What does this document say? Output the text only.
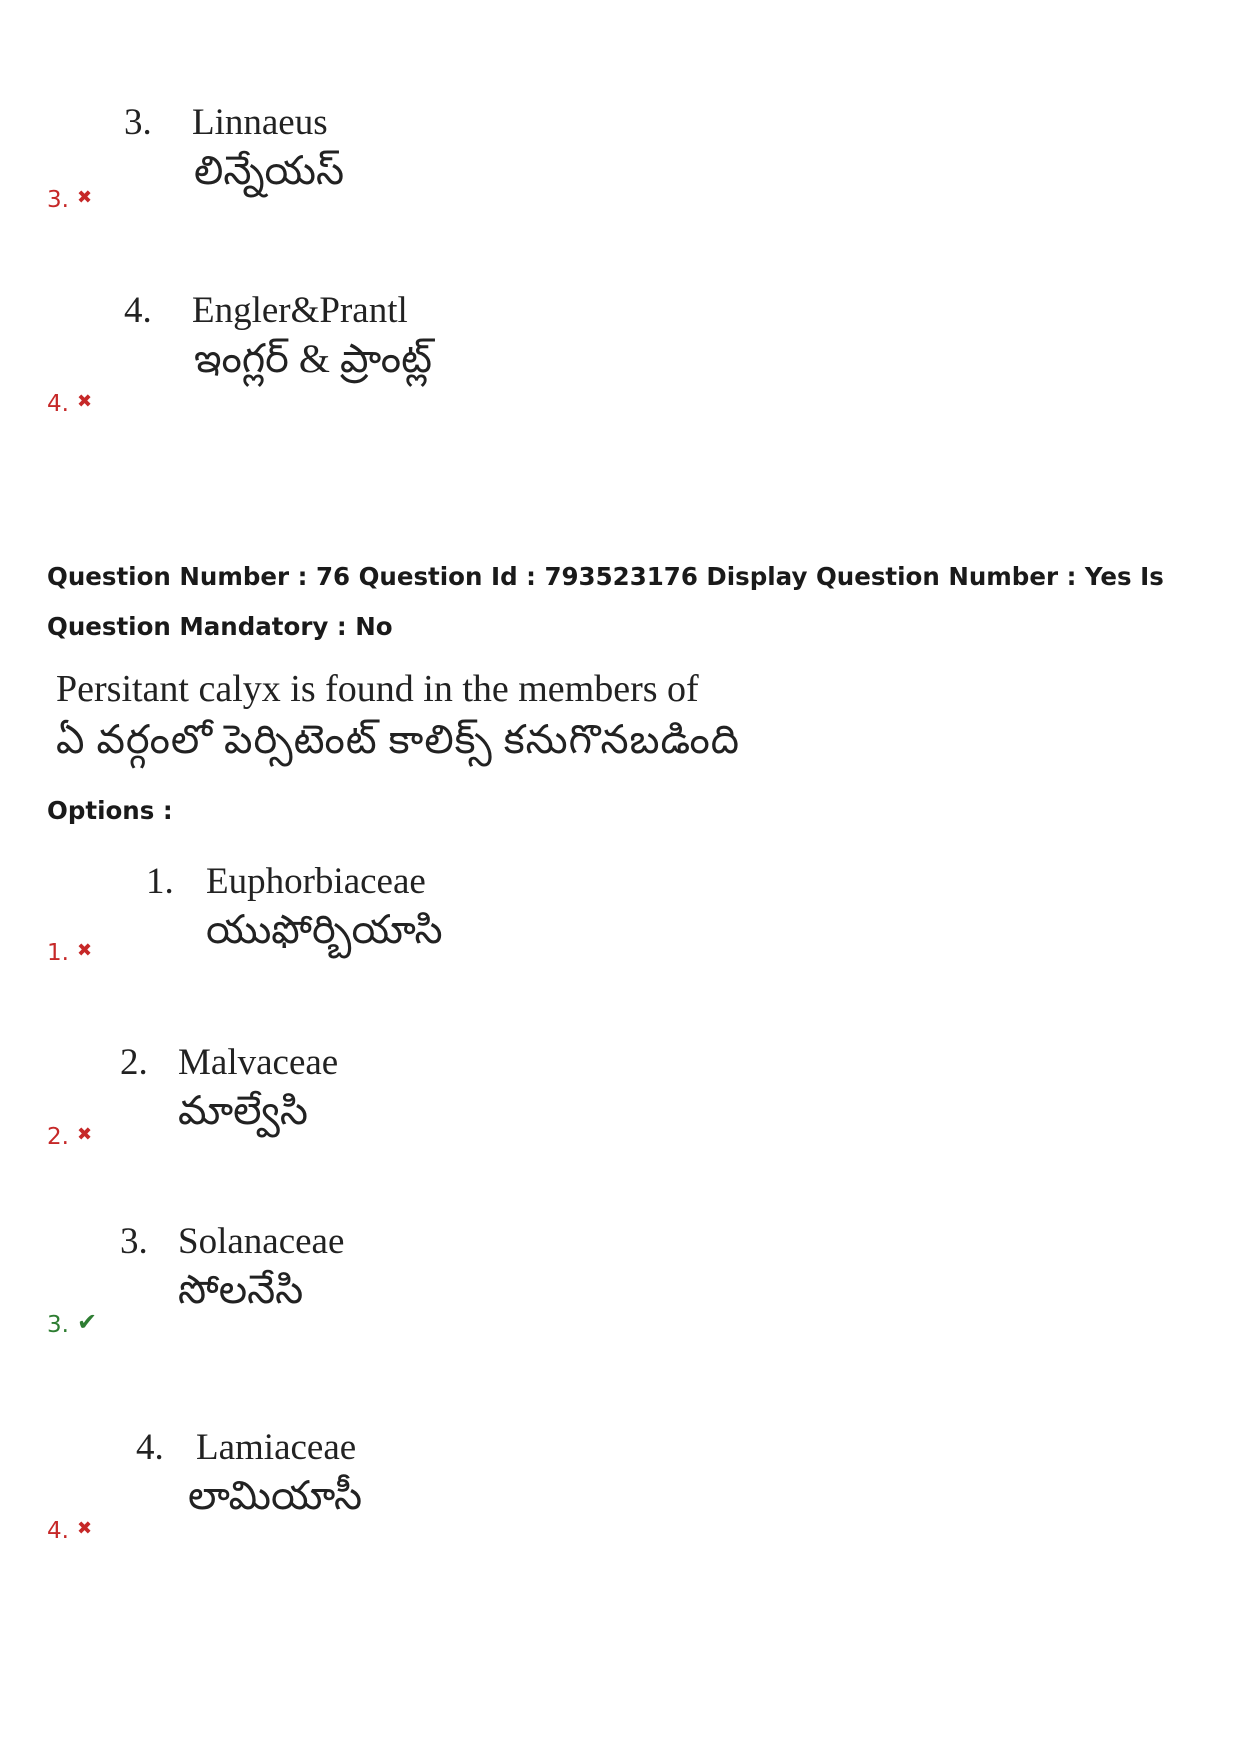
3. Linnaeus
లిన్నేయస్
3. ✖
4. Engler&Prantl
ఇంగ్లర్ & ప్రాంట్ల్
4. ✖
Question Number : 76 Question Id : 793523176 Display Question Number : Yes Is Question Mandatory : No
Persitant calyx is found in the members of
ఏ వర్గంలో పెర్సిటెంట్ కాలిక్స్ కనుగొనబడింది
Options :
1. Euphorbiaceae
యుఫోర్బియాసి
1. ✖
2. Malvaceae
మాల్వేసి
2. ✖
3. Solanaceae
సోలనేసి
3. ✔
4. Lamiaceae
లామియాసీ
4. ✖
